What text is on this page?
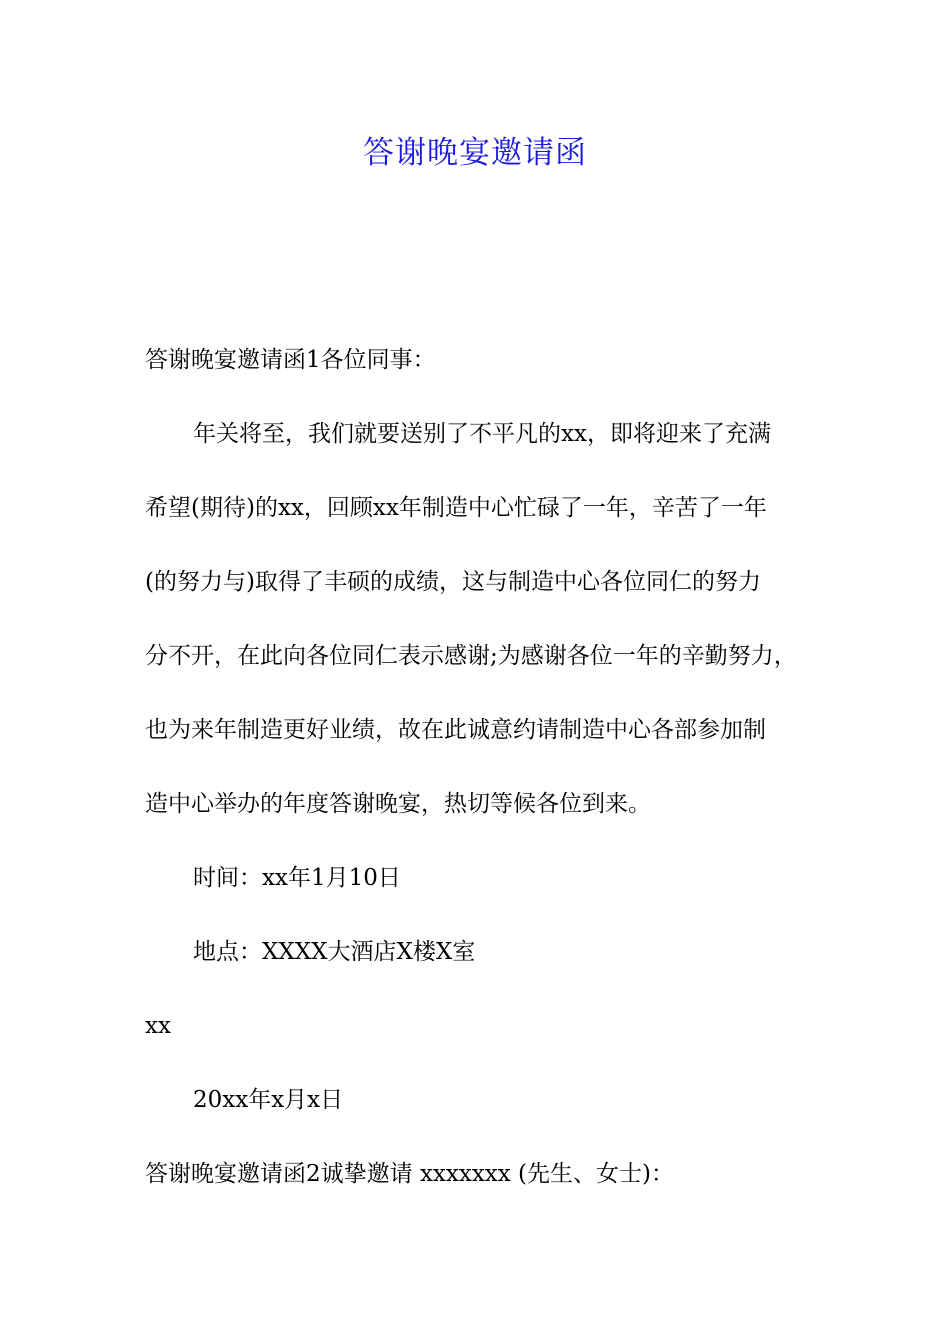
答谢晚宴邀请函
答谢晚宴邀请函1各位同事：
年关将至，我们就要送别了不平凡的xx，即将迎来了充满
希望(期待)的xx，回顾xx年制造中心忙碌了一年，辛苦了一年
(的努力与)取得了丰硕的成绩，这与制造中心各位同仁的努力
分不开，在此向各位同仁表示感谢;为感谢各位一年的辛勤努力，
也为来年制造更好业绩，故在此诚意约请制造中心各部参加制
造中心举办的年度答谢晚宴，热切等候各位到来。
时间：xx年1月10日
地点：XXXX大酒店X楼X室
xx
20xx年x月x日
答谢晚宴邀请函2诚挚邀请 xxxxxxx (先生、女士)：
